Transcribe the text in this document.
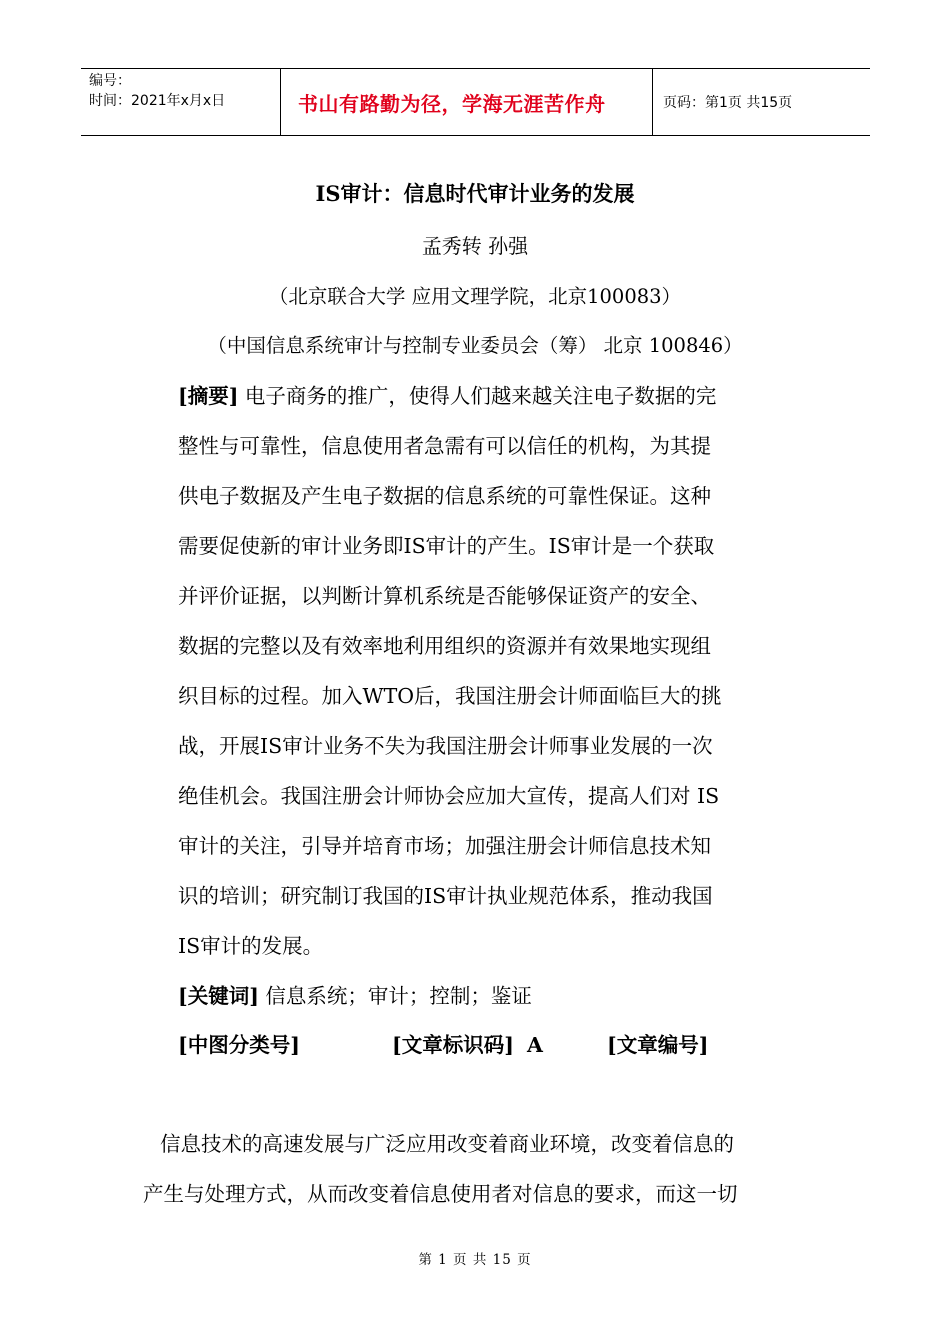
编号：
时间：2021年x月x日	书山有路勤为径，学海无涯苦作舟	页码：第1页 共15页
IS审计：信息时代审计业务的发展
孟秀转 孙强
（北京联合大学 应用文理学院，北京100083）
（中国信息系统审计与控制专业委员会（筹） 北京 100846）
[摘要] 电子商务的推广，使得人们越来越关注电子数据的完
整性与可靠性，信息使用者急需有可以信任的机构，为其提
供电子数据及产生电子数据的信息系统的可靠性保证。这种
需要促使新的审计业务即IS审计的产生。IS审计是一个获取
并评价证据，以判断计算机系统是否能够保证资产的安全、
数据的完整以及有效率地利用组织的资源并有效果地实现组
织目标的过程。加入WTO后，我国注册会计师面临巨大的挑
战，开展IS审计业务不失为我国注册会计师事业发展的一次
绝佳机会。我国注册会计师协会应加大宣传，提高人们对 IS
审计的关注，引导并培育市场；加强注册会计师信息技术知
识的培训；研究制订我国的IS审计执业规范体系，推动我国
IS审计的发展。
[关键词] 信息系统；审计；控制；鉴证
[中图分类号]	[文章标识码] A	[文章编号]
信息技术的高速发展与广泛应用改变着商业环境，改变着信息的
产生与处理方式，从而改变着信息使用者对信息的要求，而这一切
第 1 页 共 15 页
